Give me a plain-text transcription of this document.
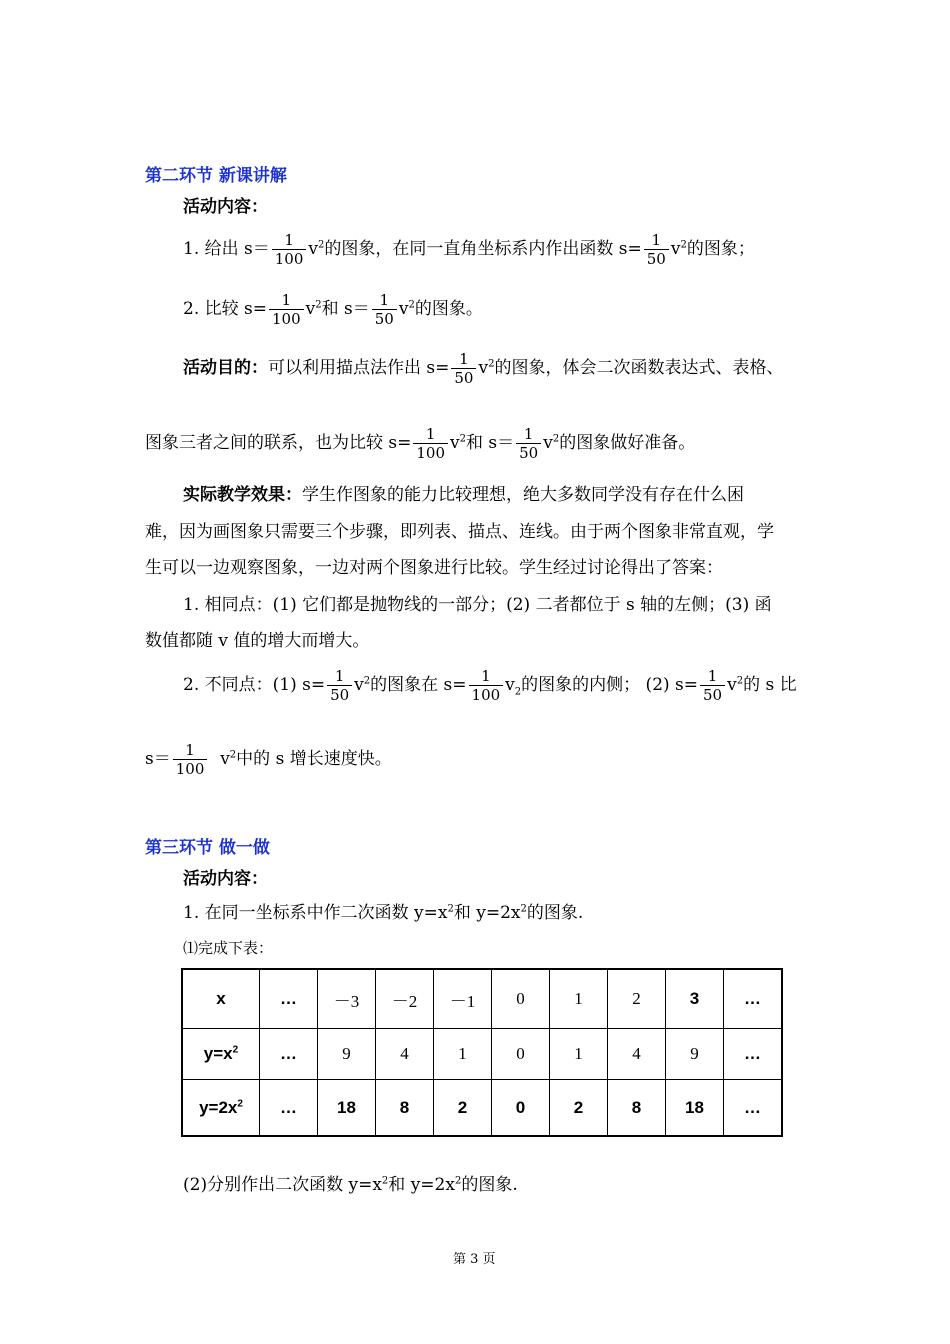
第二环节 新课讲解
活动内容：
1. 给出 $s= \frac{1}{100} v^2$的图象，在同一直角坐标系内作出函数 $s= \frac{1}{50} v^2$的图象；
2. 比较 $s= \frac{1}{100} v^2$和 $s= \frac{1}{50} v^2$的图象。
活动目的：可以利用描点法作出 $s= \frac{1}{50} v^2$的图象，体会二次函数表达式、表格、
图象三者之间的联系，也为比较 $s= \frac{1}{100} v^2$和 $s= \frac{1}{50} v^2$的图象做好准备。
实际教学效果：学生作图象的能力比较理想，绝大多数同学没有存在什么困
难，因为画图象只需要三个步骤，即列表、描点、连线。由于两个图象非常直观，学
生可以一边观察图象，一边对两个图象进行比较。学生经过讨论得出了答案：
1. 相同点：(1) 它们都是抛物线的一部分；(2) 二者都位于 s 轴的左侧；(3) 函
数值都随 v 值的增大而增大。
2. 不同点：(1) $s= \frac{1}{50} v^2$的图象在 $s= \frac{1}{100} v_2$的图象的内侧； (2) $s= \frac{1}{50} v^2$的 s 比
$s= \frac{1}{100} v^2$中的 s 增长速度快。
第三环节 做一做
活动内容：
1. 在同一坐标系中作二次函数 $y=x^2$和 $y=2x^2$的图象.
⑴完成下表：
x	…	－3	－2	－1	0	1	2	3	…
$y=x^2$	…	9	4	1	0	1	4	9	…
$y=2x^2$	…	18	8	2	0	2	8	18	…
(2)分别作出二次函数 $y=x^2$和 $y=2x^2$的图象.
第 3 页
